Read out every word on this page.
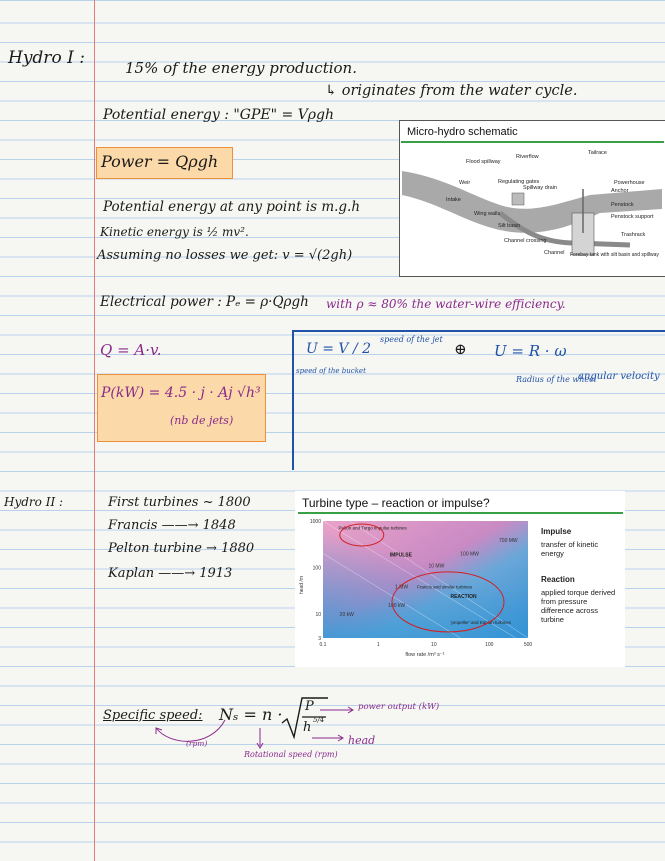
Hydro I :	15% of the energy production.
↳ originates from the water cycle.
Potential energy : "GPE" = Vρgh
Power = Qρgh
Potential energy at any point is m.g.h
Kinetic energy is ½ mv².
Assuming no losses we get: v = √(2gh)
Electrical power : Pₑ = ρ·Qρgh with ρ ≈ 80% the water-wire efficiency.
Micro-hydro schematic
Flood spillway
Riverflow
Tailrace
Powerhouse
Weir	Regulating gates
Spillway drain	Anchor
Intake
Penstock
Wing walls
Silt basin
Penstock support
Channel crossing
Trashrack
Channel Forebay tank with silt basin and spillway
Q = A·v.
P(kW) = 4.5 · j · Aj √h³
(nb de jets)
U = V / 2
speed of the jet
speed of the bucket
⊕ U = R · ω
Radius of the wheel
angular velocity
Hydro II :	First turbines ~ 1800
Francis ——→ 1848
Pelton turbine → 1880
Kaplan ——→ 1913
Turbine type – reaction or impulse?
Impulse
transfer of kinetic energy
Reaction
applied torque derived from pressure difference across turbine
0.1	1	10	100	500
1000
100
10
3
700 MW
100 MW
10 MW
1 MW
100 kW
20 kW
Pelton and Turgo impulse turbines
IMPULSE
Francis and similar turbines
REACTION
'propeller' and Kaplan turbines
head /m
flow rate /m³ s⁻¹
Specific speed: Nₛ = n · P
h 5/4
power output (kW)
head
(rpm)
Rotational speed (rpm)
